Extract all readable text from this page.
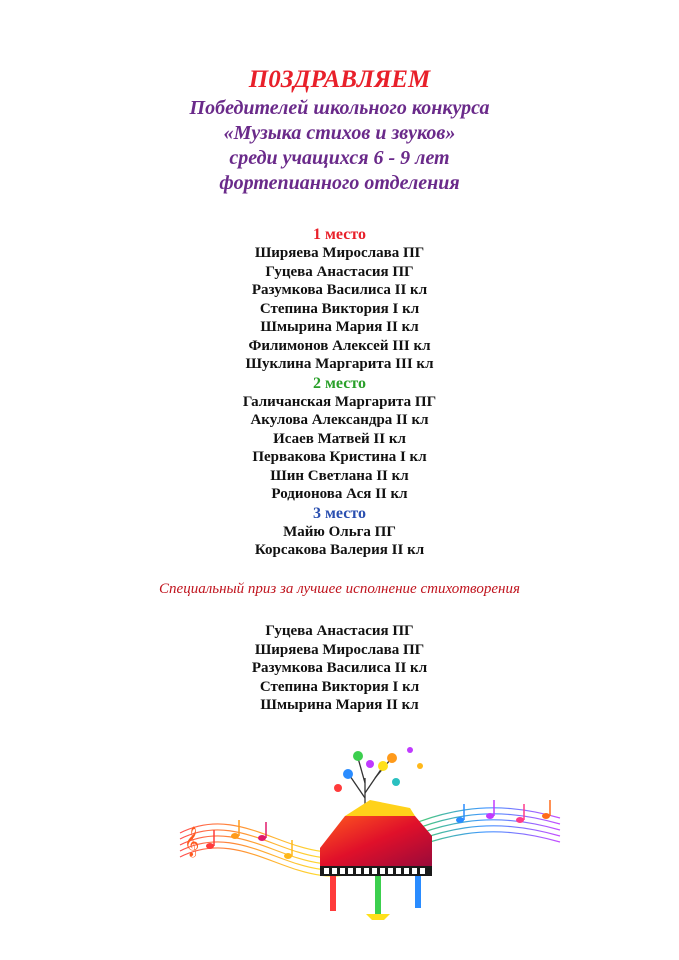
П0ЗДРАВЛЯЕМ
Победителей школьного конкурса
«Музыка стихов и звуков»
среди учащихся 6 - 9 лет
фортепианного отделения
1 место
Ширяева Мирослава ПГ
Гуцева Анастасия ПГ
Разумкова Василиса II кл
Степина Виктория I кл
Шмырина Мария II кл
Филимонов Алексей III кл
Шуклина Маргарита III кл
2 место
Галичанская Маргарита ПГ
Акулова Александра II кл
Исаев Матвей II кл
Первакова Кристина I кл
Шин Светлана II кл
Родионова Ася II кл
3 место
Майю Ольга ПГ
Корсакова Валерия II кл
Специальный приз за лучшее исполнение стихотворения
Гуцева Анастасия ПГ
Ширяева Мирослава ПГ
Разумкова Василиса II кл
Степина Виктория I кл
Шмырина Мария II кл
𝄞
